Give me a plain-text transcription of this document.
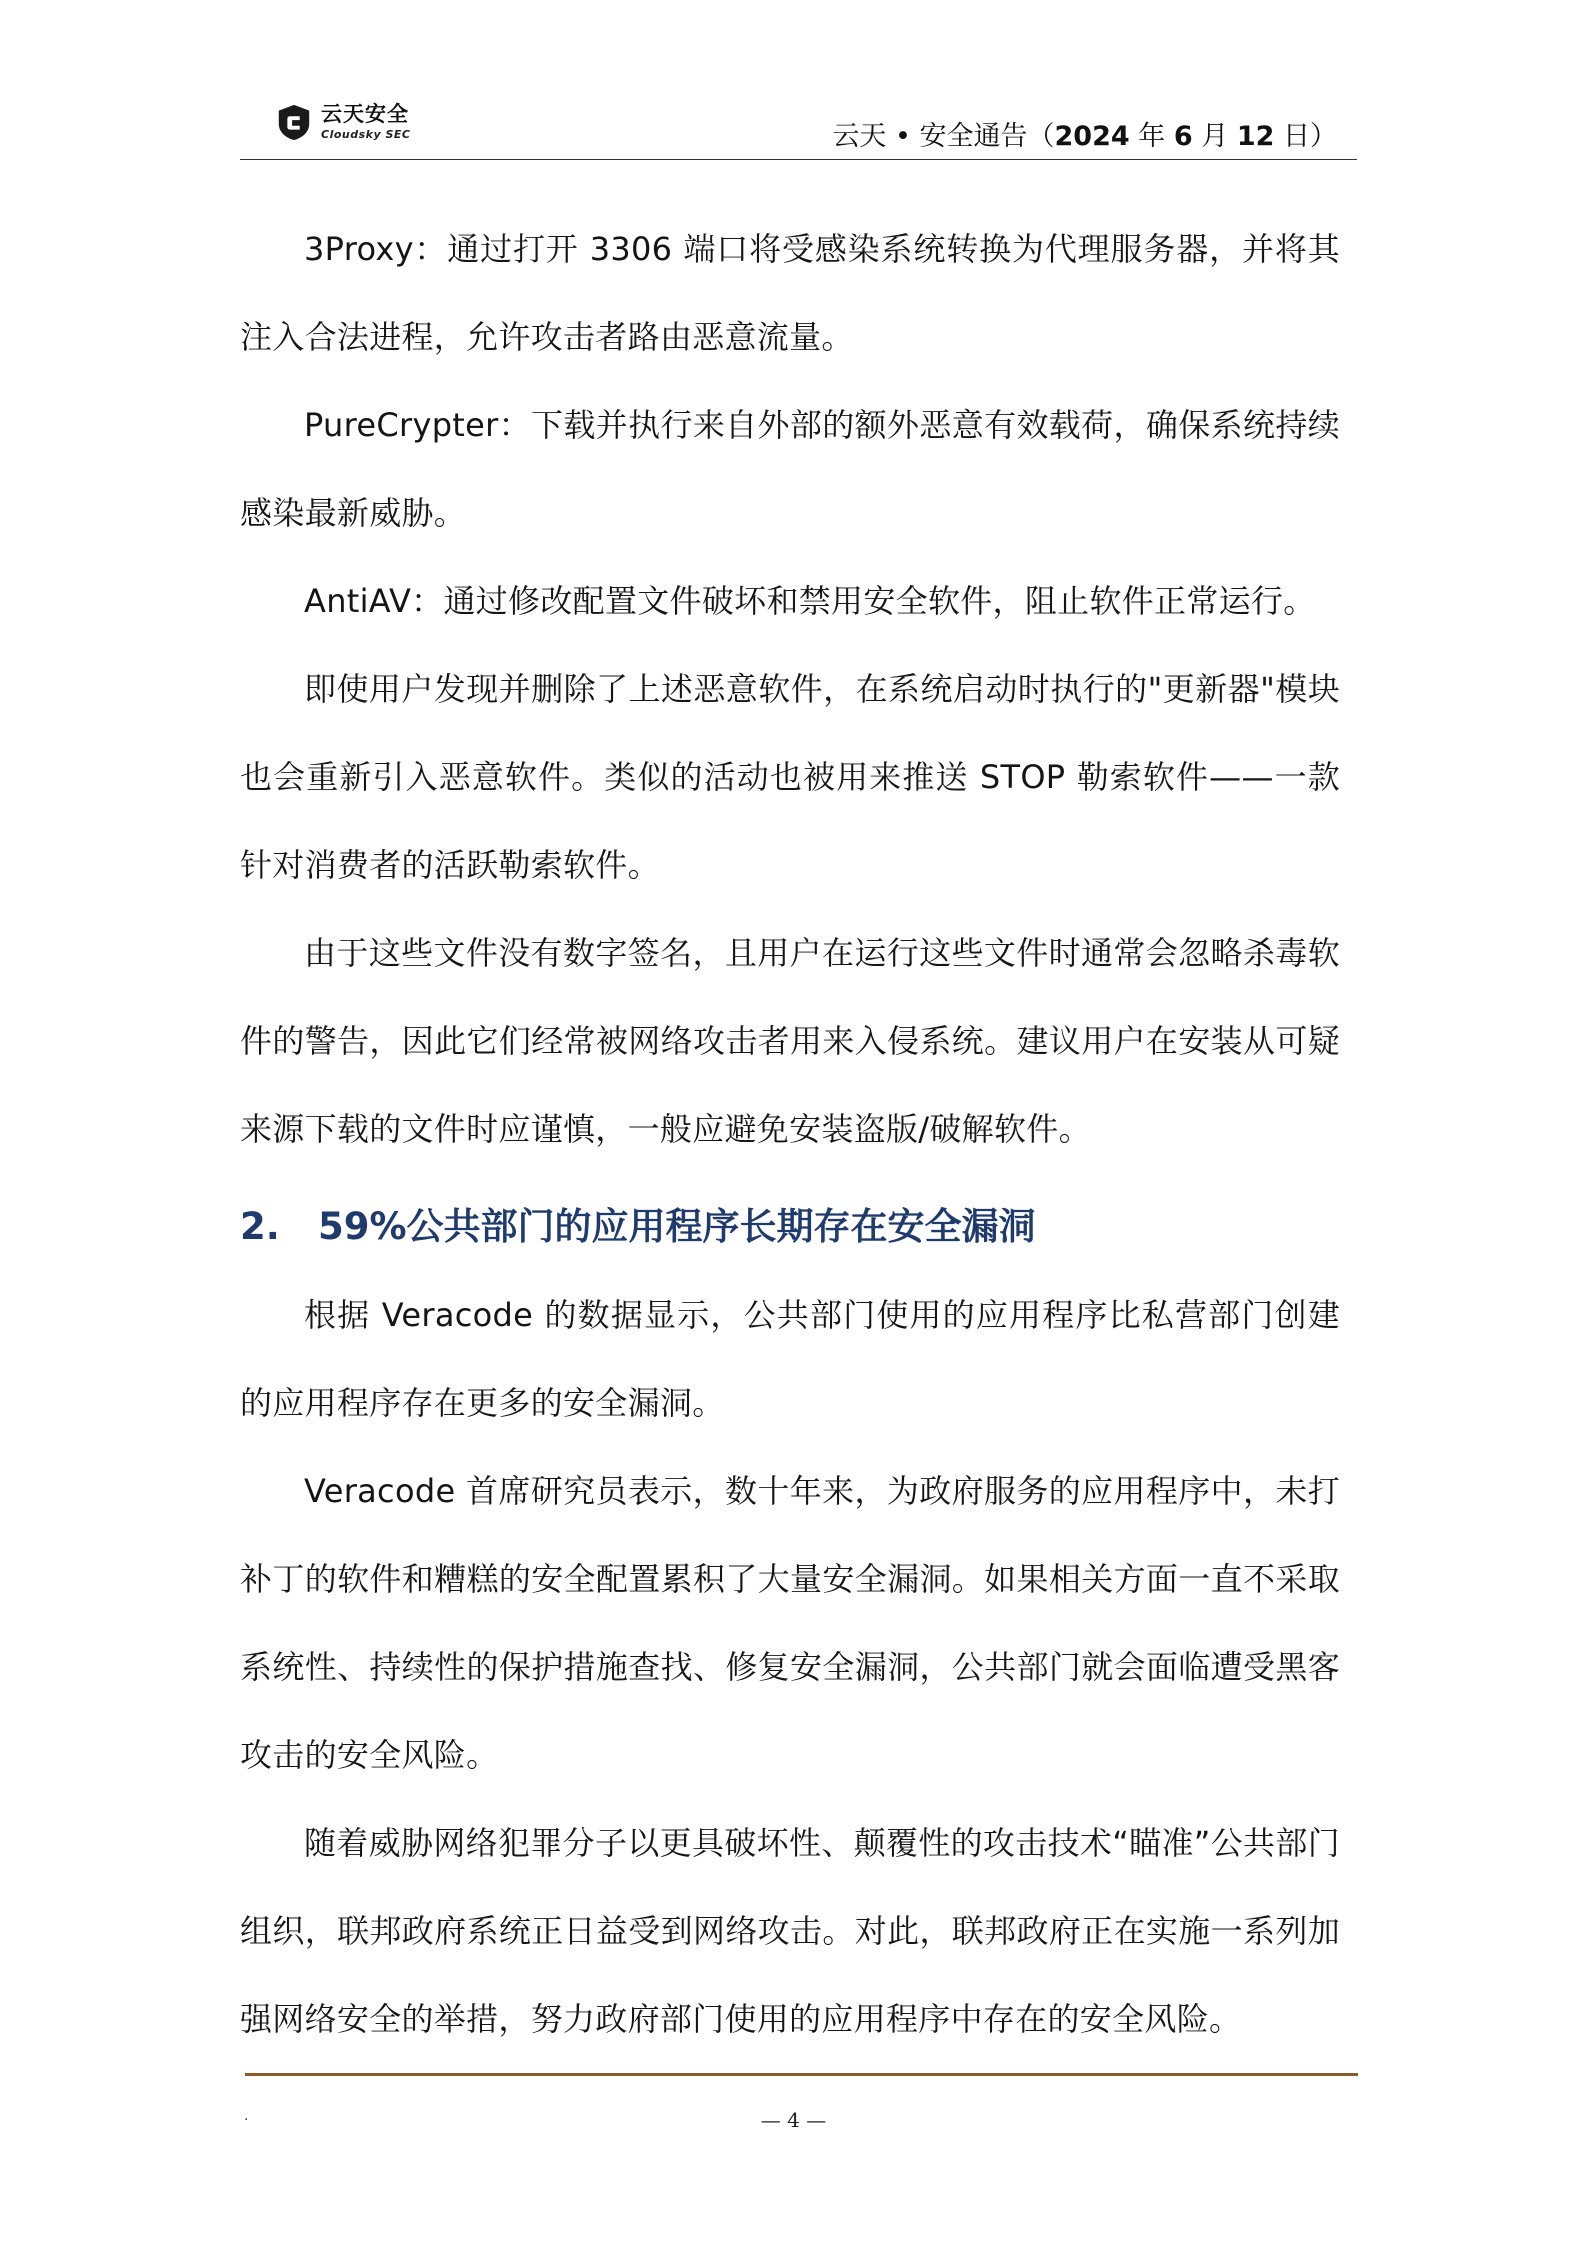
云天安全
Cloudsky SEC	云天 • 安全通告（2024 年 6 月 12 日）

3Proxy：通过打开 3306 端口将受感染系统转换为代理服务器，并将其注入合法进程，允许攻击者路由恶意流量。

PureCrypter：下载并执行来自外部的额外恶意有效载荷，确保系统持续感染最新威胁。

AntiAV：通过修改配置文件破坏和禁用安全软件，阻止软件正常运行。

即使用户发现并删除了上述恶意软件，在系统启动时执行的"更新器"模块也会重新引入恶意软件。类似的活动也被用来推送 STOP 勒索软件——一款针对消费者的活跃勒索软件。

由于这些文件没有数字签名，且用户在运行这些文件时通常会忽略杀毒软件的警告，因此它们经常被网络攻击者用来入侵系统。建议用户在安装从可疑来源下载的文件时应谨慎，一般应避免安装盗版/破解软件。

2. 59%公共部门的应用程序长期存在安全漏洞

根据 Veracode 的数据显示，公共部门使用的应用程序比私营部门创建的应用程序存在更多的安全漏洞。

Veracode 首席研究员表示，数十年来，为政府服务的应用程序中，未打补丁的软件和糟糕的安全配置累积了大量安全漏洞。如果相关方面一直不采取系统性、持续性的保护措施查找、修复安全漏洞，公共部门就会面临遭受黑客攻击的安全风险。

随着威胁网络犯罪分子以更具破坏性、颠覆性的攻击技术“瞄准”公共部门组织，联邦政府系统正日益受到网络攻击。对此，联邦政府正在实施一系列加强网络安全的举措，努力政府部门使用的应用程序中存在的安全风险。

.	— 4 —
